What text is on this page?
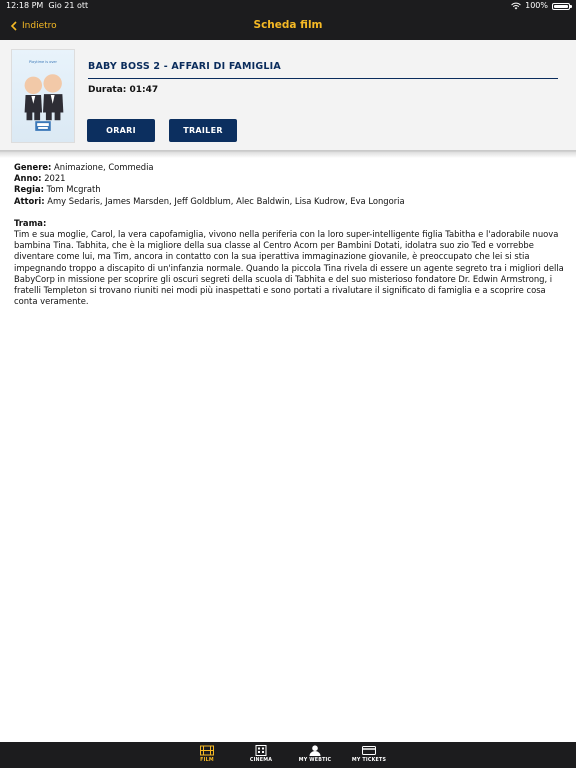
12:18 PM Gio 21 ott	100%
Indietro	Scheda film
Playtime is over	BABY BOSS 2 - AFFARI DI FAMIGLIA
Durata: 01:47
ORARI	TRAILER
Genere: Animazione, Commedia
Anno: 2021
Regia: Tom Mcgrath
Attori: Amy Sedaris, James Marsden, Jeff Goldblum, Alec Baldwin, Lisa Kudrow, Eva Longoria
Trama:

Tim e sua moglie, Carol, la vera capofamiglia, vivono nella periferia con la loro super-intelligente figlia Tabitha e l'adorabile nuova bambina Tina. Tabhita, che è la migliore della sua classe al Centro Acorn per Bambini Dotati, idolatra suo zio Ted e vorrebbe diventare come lui, ma Tim, ancora in contatto con la sua iperattiva immaginazione giovanile, è preoccupato che lei si stia impegnando troppo a discapito di un'infanzia normale. Quando la piccola Tina rivela di essere un agente segreto tra i migliori della BabyCorp in missione per scoprire gli oscuri segreti della scuola di Tabhita e del suo misterioso fondatore Dr. Edwin Armstrong, i fratelli Templeton si trovano riuniti nei modi più inaspettati e sono portati a rivalutare il significato di famiglia e a scoprire cosa conta veramente.

FILM	CINEMA	MY WEBTIC	MY TICKETS
